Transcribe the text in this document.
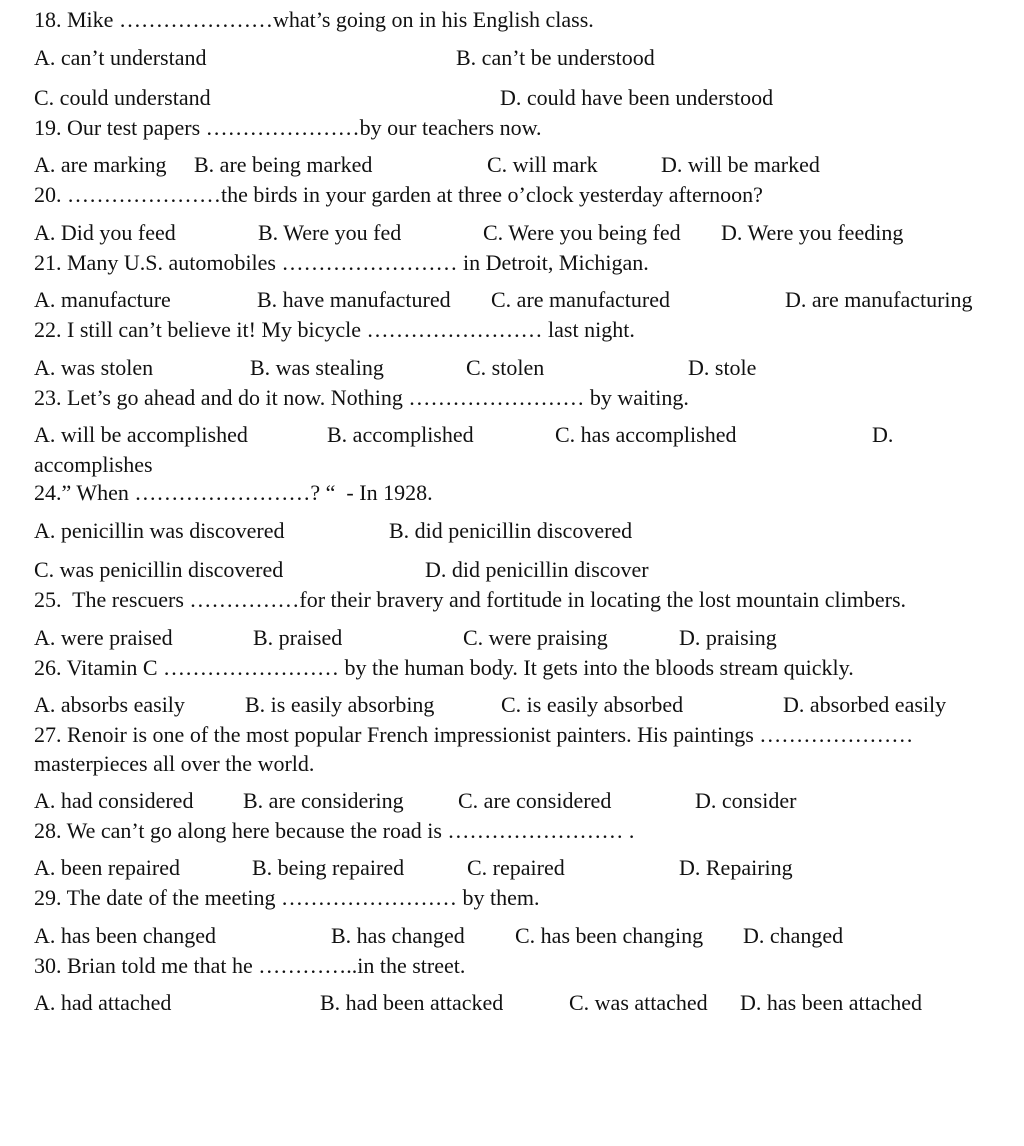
18. Mike …………………what’s going on in his English class.

A. can’t understand

	B. can’t be understood

C. could understand

	D. could have been understood

19. Our test papers …………………by our teachers now.

A. are marking

B. are being marked

	C. will mark

	D. will be marked

20. …………………the birds in your garden at three o’clock yesterday afternoon?

A. Did you feed

	B. Were you fed

	C. Were you being fed

D. Were you feeding

21. Many U.S. automobiles …………………… in Detroit, Michigan.

A. manufacture

	B. have manufactured

C. are manufactured

	D. are manufacturing

22. I still can’t believe it! My bicycle …………………… last night.

A. was stolen

	B. was stealing

	C. stolen

	D. stole

23. Let’s go ahead and do it now. Nothing …………………… by waiting.

A. will be accomplished

	B. accomplished

	C. has accomplished

	D.

accomplishes
24.” When ……………………? “  - In 1928.

A. penicillin was discovered

	B. did penicillin discovered

C. was penicillin discovered

	D. did penicillin discover

25.  The rescuers ……………for their bravery and fortitude in locating the lost mountain climbers.

A. were praised

	B. praised

	C. were praising

	D. praising

26. Vitamin C …………………… by the human body. It gets into the bloods stream quickly.

A. absorbs easily

	B. is easily absorbing

	C. is easily absorbed

	D. absorbed easily

27. Renoir is one of the most popular French impressionist painters. His paintings …………………
masterpieces all over the world.

A. had considered

B. are considering

C. are considered

	D. consider

28. We can’t go along here because the road is …………………… .

A. been repaired

	B. being repaired

	C. repaired

	D. Repairing

29. The date of the meeting …………………… by them.

A. has been changed

	B. has changed

C. has been changing

D. changed

30. Brian told me that he …………..in the street.

A. had attached

	B. had been attacked

	C. was attached

D. has been attached
